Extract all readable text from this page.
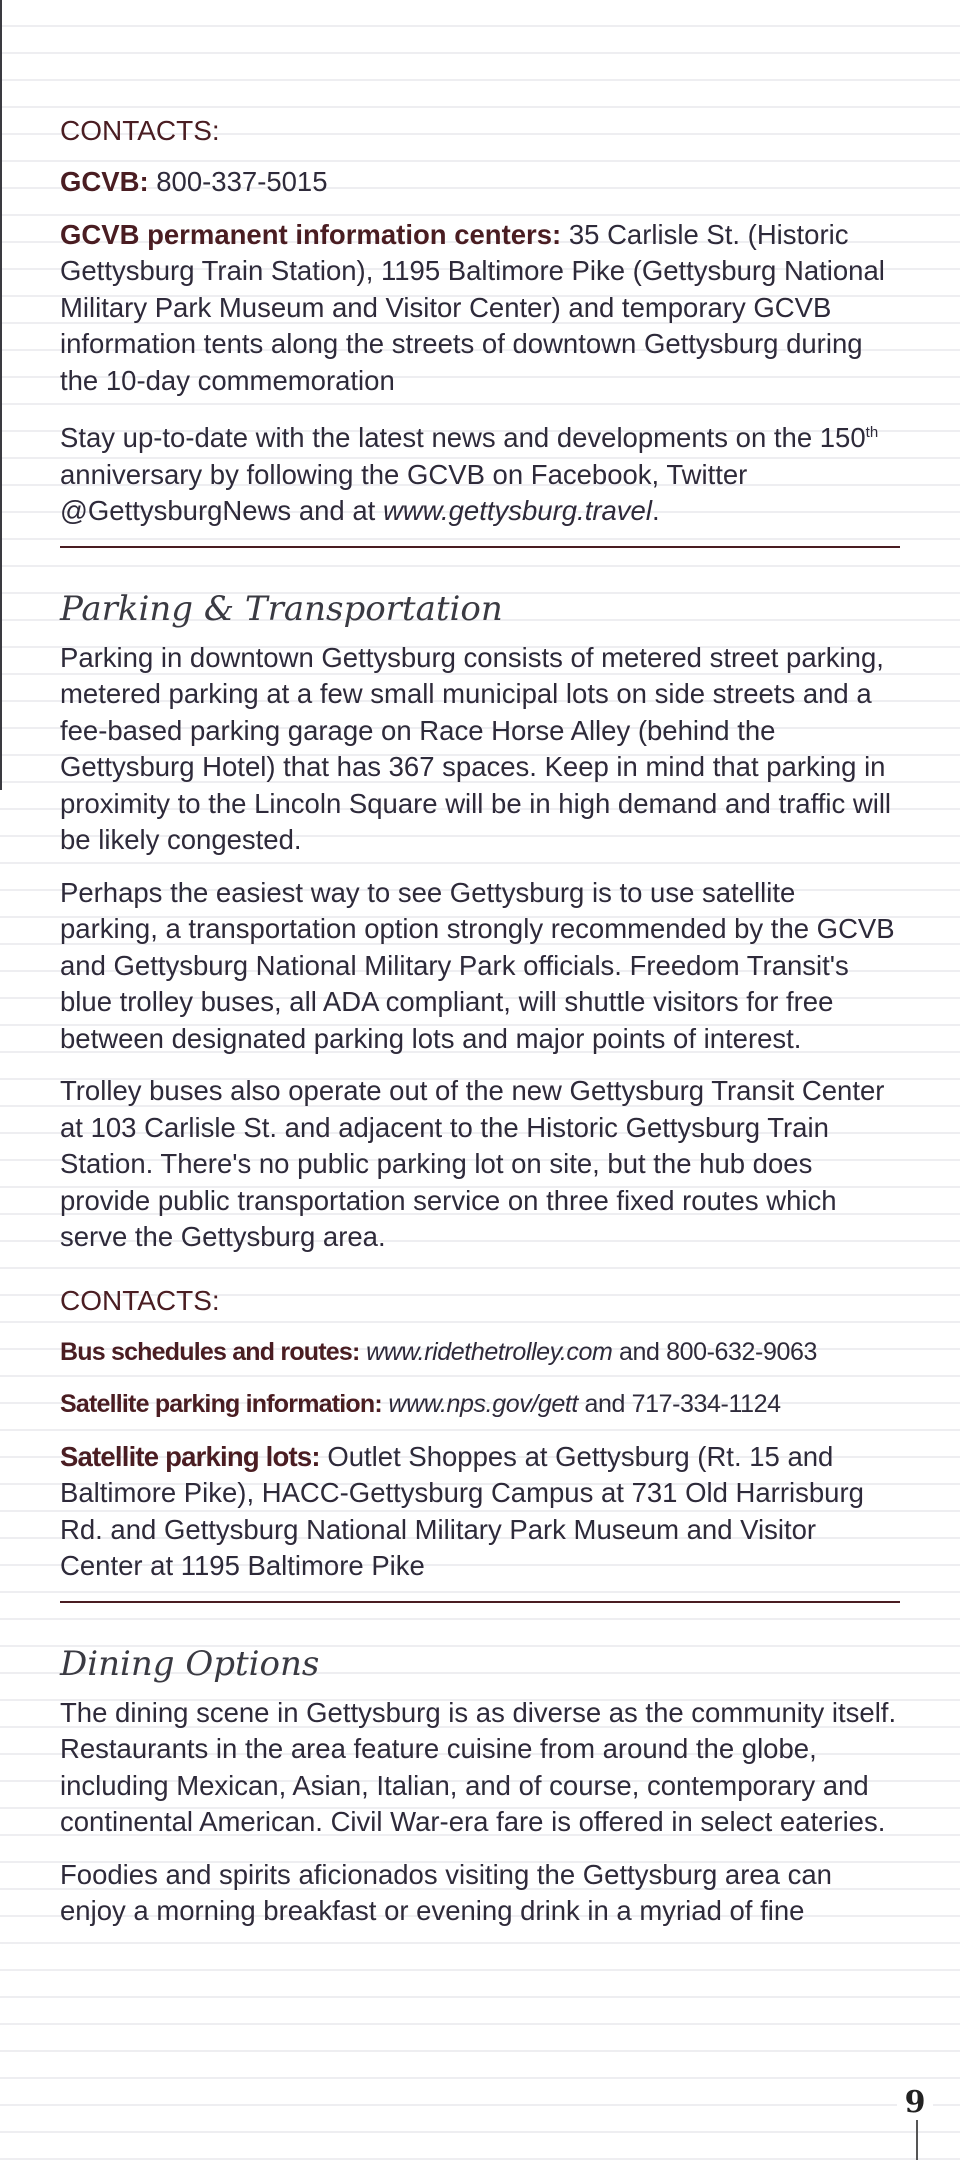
CONTACTS:

GCVB: 800-337-5015

GCVB permanent information centers: 35 Carlisle St. (Historic Gettysburg Train Station), 1195 Baltimore Pike (Gettysburg National Military Park Museum and Visitor Center) and temporary GCVB information tents along the streets of downtown Gettysburg during the 10-day commemoration

Stay up-to-date with the latest news and developments on the 150th anniversary by following the GCVB on Facebook, Twitter @GettysburgNews and at www.gettysburg.travel.

Parking & Transportation

Parking in downtown Gettysburg consists of metered street parking, metered parking at a few small municipal lots on side streets and a fee-based parking garage on Race Horse Alley (behind the Gettysburg Hotel) that has 367 spaces. Keep in mind that parking in proximity to the Lincoln Square will be in high demand and traffic will be likely congested.

Perhaps the easiest way to see Gettysburg is to use satellite parking, a transportation option strongly recommended by the GCVB and Gettysburg National Military Park officials. Freedom Transit's blue trolley buses, all ADA compliant, will shuttle visitors for free between designated parking lots and major points of interest.

Trolley buses also operate out of the new Gettysburg Transit Center at 103 Carlisle St. and adjacent to the Historic Gettysburg Train Station. There's no public parking lot on site, but the hub does provide public transportation service on three fixed routes which serve the Gettysburg area.

CONTACTS:

Bus schedules and routes: www.ridethetrolley.com and 800-632-9063

Satellite parking information: www.nps.gov/gett and 717-334-1124

Satellite parking lots: Outlet Shoppes at Gettysburg (Rt. 15 and Baltimore Pike), HACC-Gettysburg Campus at 731 Old Harrisburg Rd. and Gettysburg National Military Park Museum and Visitor Center at 1195 Baltimore Pike

Dining Options

The dining scene in Gettysburg is as diverse as the community itself. Restaurants in the area feature cuisine from around the globe, including Mexican, Asian, Italian, and of course, contemporary and continental American. Civil War-era fare is offered in select eateries.

Foodies and spirits aficionados visiting the Gettysburg area can enjoy a morning breakfast or evening drink in a myriad of fine

9
